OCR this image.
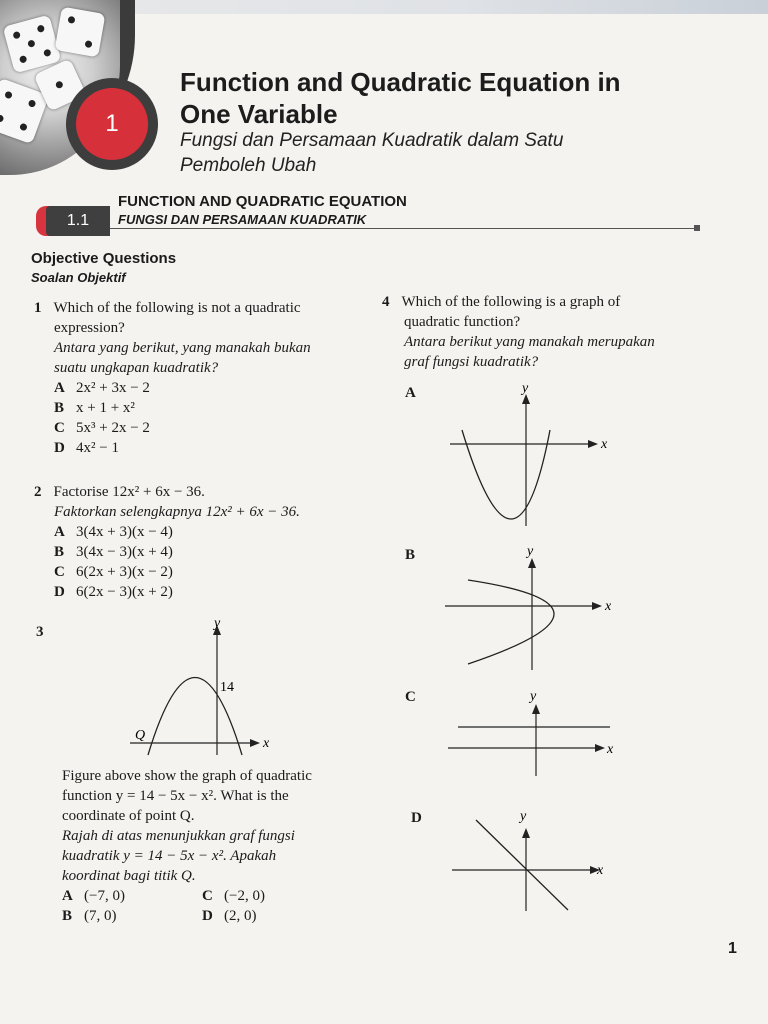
1
Function and Quadratic Equation in
One Variable
Fungsi dan Persamaan Kuadratik dalam Satu
Pemboleh Ubah
1.1
FUNCTION AND QUADRATIC EQUATION
FUNGSI DAN PERSAMAAN KUADRATIK
Objective Questions
Soalan Objektif
1 Which of the following is not a quadratic
expression?
Antara yang berikut, yang manakah bukan
suatu ungkapan kuadratik?
A 2x² + 3x − 2
B x + 1 + x²
C 5x³ + 2x − 2
D 4x² − 1
2 Factorise 12x² + 6x − 36.
Faktorkan selengkapnya 12x² + 6x − 36.
A 3(4x + 3)(x − 4)
B 3(4x − 3)(x + 4)
C 6(2x + 3)(x − 2)
D 6(2x − 3)(x + 2)
3
y
x
14
Q
Figure above show the graph of quadratic
function y = 14 − 5x − x². What is the
coordinate of point Q.
Rajah di atas menunjukkan graf fungsi
kuadratik y = 14 − 5x − x². Apakah
koordinat bagi titik Q.
A (−7, 0)	C (−2, 0)
B (7, 0)	D (2, 0)
4 Which of the following is a graph of
quadratic function?
Antara berikut yang manakah merupakan
graf fungsi kuadratik?
A	y
x
B	y
x
C	y
x
D	y
x
1
